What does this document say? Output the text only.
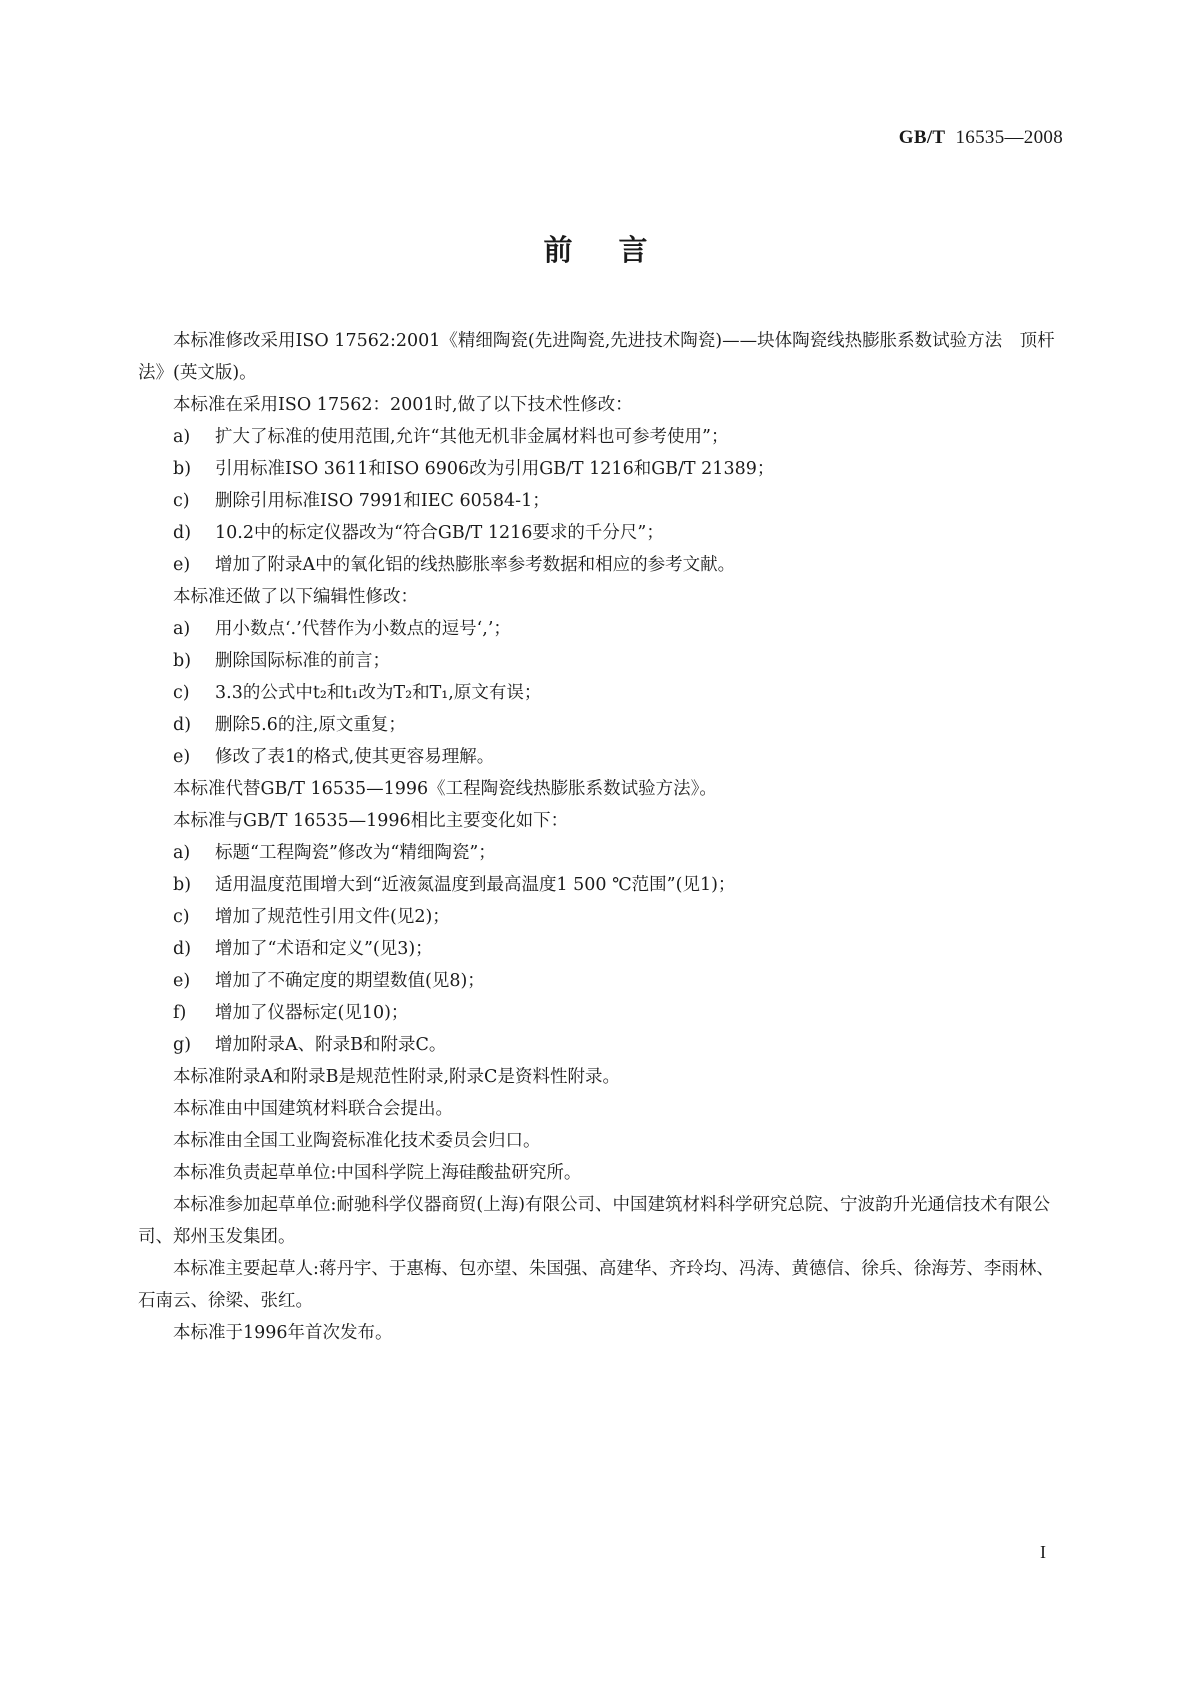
GB/T 16535—2008
前言

本标准修改采用ISO 17562:2001《精细陶瓷(先进陶瓷,先进技术陶瓷)——块体陶瓷线热膨胀系数试验方法　顶杆法》(英文版)。

本标准在采用ISO 17562：2001时,做了以下技术性修改：

a) 扩大了标准的使用范围,允许“其他无机非金属材料也可参考使用”；

b) 引用标准ISO 3611和ISO 6906改为引用GB/T 1216和GB/T 21389；

c) 删除引用标准ISO 7991和IEC 60584-1；

d) 10.2中的标定仪器改为“符合GB/T 1216要求的千分尺”；

e) 增加了附录A中的氧化铝的线热膨胀率参考数据和相应的参考文献。

本标准还做了以下编辑性修改：

a) 用小数点‘.’代替作为小数点的逗号‘,’；

b) 删除国际标准的前言；

c) 3.3的公式中t₂和t₁改为T₂和T₁,原文有误；

d) 删除5.6的注,原文重复；

e) 修改了表1的格式,使其更容易理解。

本标准代替GB/T 16535—1996《工程陶瓷线热膨胀系数试验方法》。

本标准与GB/T 16535—1996相比主要变化如下：

a) 标题“工程陶瓷”修改为“精细陶瓷”；

b) 适用温度范围增大到“近液氮温度到最高温度1 500 ℃范围”(见1)；

c) 增加了规范性引用文件(见2)；

d) 增加了“术语和定义”(见3)；

e) 增加了不确定度的期望数值(见8)；

f) 增加了仪器标定(见10)；

g) 增加附录A、附录B和附录C。

本标准附录A和附录B是规范性附录,附录C是资料性附录。

本标准由中国建筑材料联合会提出。

本标准由全国工业陶瓷标准化技术委员会归口。

本标准负责起草单位:中国科学院上海硅酸盐研究所。

本标准参加起草单位:耐驰科学仪器商贸(上海)有限公司、中国建筑材料科学研究总院、宁波韵升光通信技术有限公司、郑州玉发集团。

本标准主要起草人:蒋丹宇、于惠梅、包亦望、朱国强、高建华、齐玲均、冯涛、黄德信、徐兵、徐海芳、李雨林、石南云、徐梁、张红。

本标准于1996年首次发布。

I
